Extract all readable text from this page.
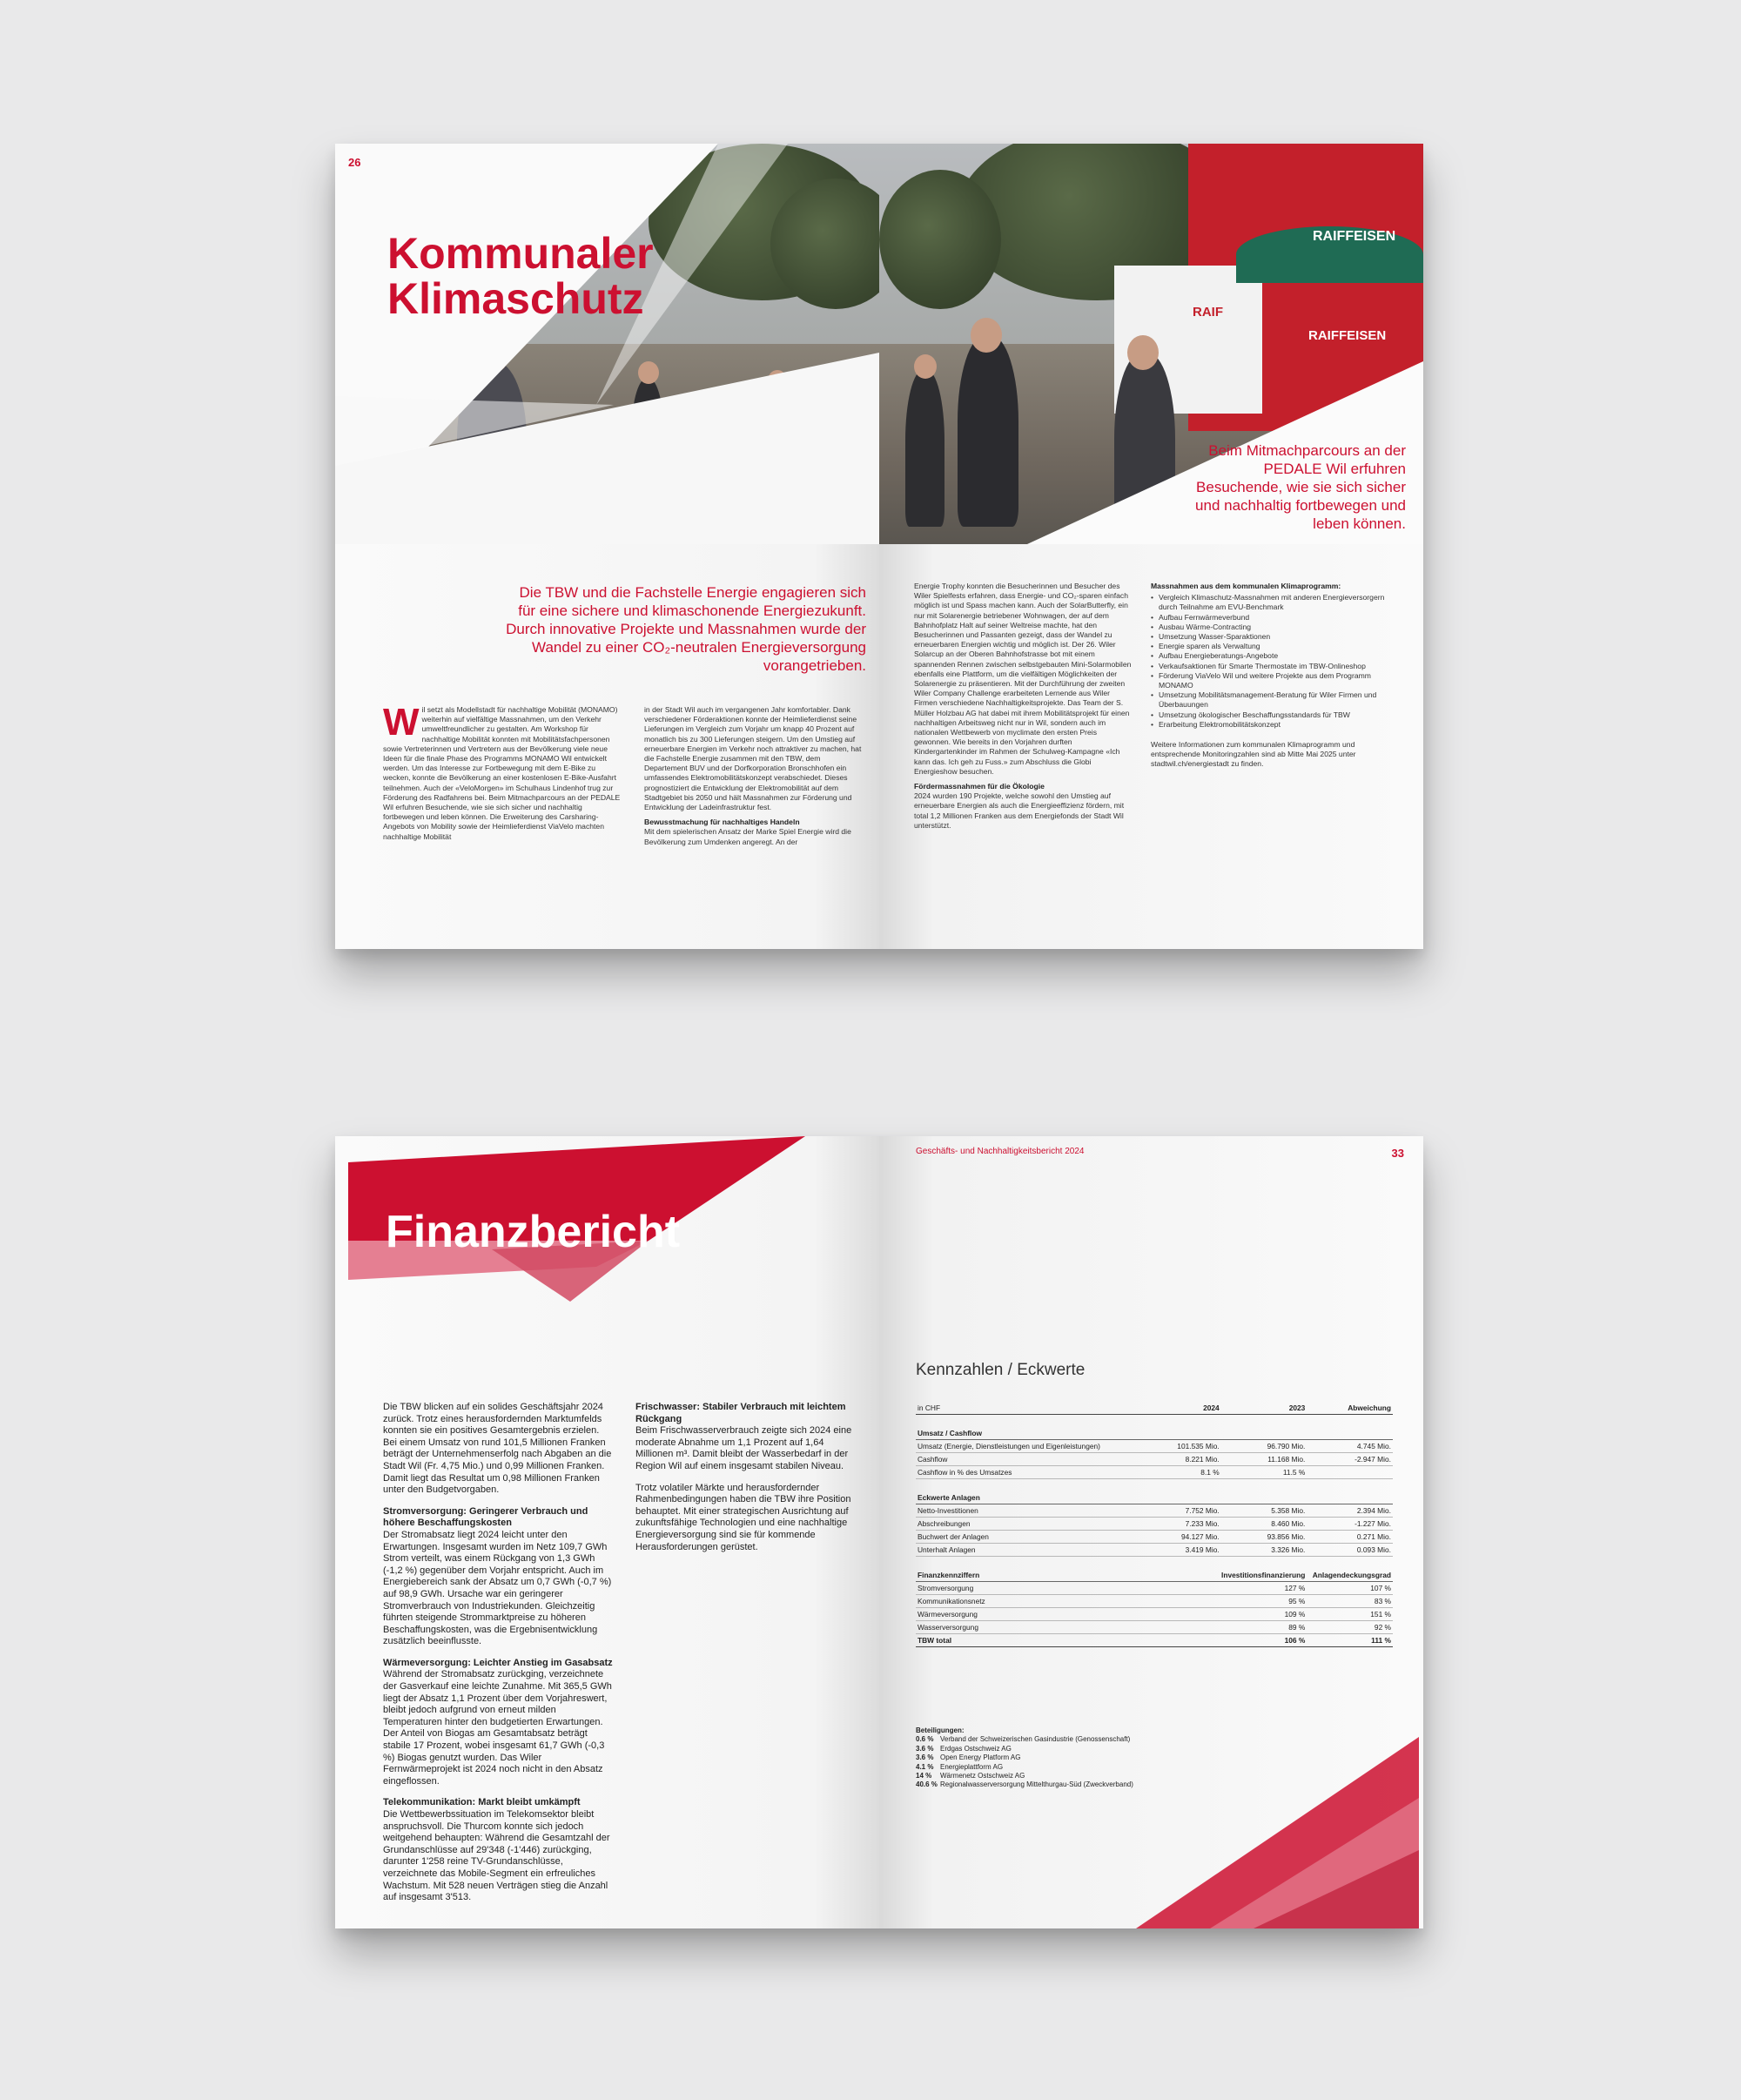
26
Kommunaler
Klimaschutz
Die TBW und die Fachstelle Energie engagieren sich für eine sichere und klimaschonende Energiezukunft. Durch innovative Projekte und Massnahmen wurde der Wandel zu einer CO₂-neutralen Energieversorgung vorangetrieben.

Wil setzt als Modellstadt für nachhaltige Mobilität (MONAMO) weiterhin auf vielfältige Massnahmen, um den Verkehr umweltfreundlicher zu gestalten. Am Workshop für nachhaltige Mobilität konnten mit Mobilitätsfachpersonen sowie Vertreterinnen und Vertretern aus der Bevölkerung viele neue Ideen für die finale Phase des Programms MONAMO Wil entwickelt werden. Um das Interesse zur Fortbewegung mit dem E-Bike zu wecken, konnte die Bevölkerung an einer kostenlosen E-Bike-Ausfahrt teilnehmen. Auch der «VeloMorgen» im Schulhaus Lindenhof trug zur Förderung des Radfahrens bei. Beim Mitmachparcours an der PEDALE Wil erfuhren Besuchende, wie sie sich sicher und nachhaltig fortbewegen und leben können. Die Erweiterung des Carsharing-Angebots von Mobility sowie der Heimlieferdienst ViaVelo machten nachhaltige Mobilität

in der Stadt Wil auch im vergangenen Jahr komfortabler. Dank verschiedener Förderaktionen konnte der Heimlieferdienst seine Lieferungen im Vergleich zum Vorjahr um knapp 40 Prozent auf monatlich bis zu 300 Lieferungen steigern. Um den Umstieg auf erneuerbare Energien im Verkehr noch attraktiver zu machen, hat die Fachstelle Energie zusammen mit den TBW, dem Departement BUV und der Dorfkorporation Bronschhofen ein umfassendes Elektromobilitätskonzept verabschiedet. Dieses prognostiziert die Entwicklung der Elektromobilität auf dem Stadtgebiet bis 2050 und hält Massnahmen zur Förderung und Entwicklung der Ladeinfrastruktur fest.

Bewusstmachung für nachhaltiges Handeln

Mit dem spielerischen Ansatz der Marke Spiel Energie wird die Bevölkerung zum Umdenken angeregt. An der

RAIFFEISEN
RAIFFEISEN
RAIF
Beim Mitmachparcours an der PEDALE Wil erfuhren Besuchende, wie sie sich sicher und nachhaltig fortbewegen und leben können.

Energie Trophy konnten die Besucherinnen und Besucher des Wiler Spielfests erfahren, dass Energie- und CO₂-sparen einfach möglich ist und Spass machen kann. Auch der SolarButterfly, ein nur mit Solarenergie betriebener Wohnwagen, der auf dem Bahnhofplatz Halt auf seiner Weltreise machte, hat den Besucherinnen und Passanten gezeigt, dass der Wandel zu erneuerbaren Energien wichtig und möglich ist. Der 26. Wiler Solarcup an der Oberen Bahnhofstrasse bot mit einem spannenden Rennen zwischen selbstgebauten Mini-Solarmobilen ebenfalls eine Plattform, um die vielfältigen Möglichkeiten der Solarenergie zu präsentieren. Mit der Durchführung der zweiten Wiler Company Challenge erarbeiteten Lernende aus Wiler Firmen verschiedene Nachhaltigkeitsprojekte. Das Team der S. Müller Holzbau AG hat dabei mit ihrem Mobilitätsprojekt für einen nachhaltigen Arbeitsweg nicht nur in Wil, sondern auch im nationalen Wettbewerb von myclimate den ersten Preis gewonnen. Wie bereits in den Vorjahren durften Kindergartenkinder im Rahmen der Schulweg-Kampagne «Ich kann das. Ich geh zu Fuss.» zum Abschluss die Globi Energieshow besuchen.

Fördermassnahmen für die Ökologie

2024 wurden 190 Projekte, welche sowohl den Umstieg auf erneuerbare Energien als auch die Energieeffizienz fördern, mit total 1,2 Millionen Franken aus dem Energiefonds der Stadt Wil unterstützt.

Massnahmen aus dem kommunalen Klimaprogramm:

• Vergleich Klimaschutz-Massnahmen mit anderen Energieversorgern durch Teilnahme am EVU-Benchmark
• Aufbau Fernwärmeverbund
• Ausbau Wärme-Contracting
• Umsetzung Wasser-Sparaktionen
• Energie sparen als Verwaltung
• Aufbau Energieberatungs-Angebote
• Verkaufsaktionen für Smarte Thermostate im TBW-Onlineshop
• Förderung ViaVelo Wil und weitere Projekte aus dem Programm MONAMO
• Umsetzung Mobilitätsmanagement-Beratung für Wiler Firmen und Überbauungen
• Umsetzung ökologischer Beschaffungsstandards für TBW
• Erarbeitung Elektromobilitätskonzept

Weitere Informationen zum kommunalen Klimaprogramm und entsprechende Monitoringzahlen sind ab Mitte Mai 2025 unter stadtwil.ch/energiestadt zu finden.

Finanzbericht

Die TBW blicken auf ein solides Geschäftsjahr 2024 zurück. Trotz eines herausfordernden Marktumfelds konnten sie ein positives Gesamtergebnis erzielen. Bei einem Umsatz von rund 101,5 Millionen Franken beträgt der Unternehmenserfolg nach Abgaben an die Stadt Wil (Fr. 4,75 Mio.) und 0,99 Millionen Franken. Damit liegt das Resultat um 0,98 Millionen Franken unter den Budgetvorgaben.

Stromversorgung: Geringerer Verbrauch und höhere Beschaffungskosten
Der Stromabsatz liegt 2024 leicht unter den Erwartungen. Insgesamt wurden im Netz 109,7 GWh Strom verteilt, was einem Rückgang von 1,3 GWh (-1,2 %) gegenüber dem Vorjahr entspricht. Auch im Energiebereich sank der Absatz um 0,7 GWh (-0,7 %) auf 98,9 GWh. Ursache war ein geringerer Stromverbrauch von Industriekunden. Gleichzeitig führten steigende Strommarktpreise zu höheren Beschaffungskosten, was die Ergebnisentwicklung zusätzlich beeinflusste.

Wärmeversorgung: Leichter Anstieg im Gasabsatz
Während der Stromabsatz zurückging, verzeichnete der Gasverkauf eine leichte Zunahme. Mit 365,5 GWh liegt der Absatz 1,1 Prozent über dem Vorjahreswert, bleibt jedoch aufgrund von erneut milden Temperaturen hinter den budgetierten Erwartungen. Der Anteil von Biogas am Gesamtabsatz beträgt stabile 17 Prozent, wobei insgesamt 61,7 GWh (-0,3 %) Biogas genutzt wurden. Das Wiler Fernwärmeprojekt ist 2024 noch nicht in den Absatz eingeflossen.

Telekommunikation: Markt bleibt umkämpft
Die Wettbewerbssituation im Telekomsektor bleibt anspruchsvoll. Die Thurcom konnte sich jedoch weitgehend behaupten: Während die Gesamtzahl der Grundanschlüsse auf 29'348 (-1'446) zurückging, darunter 1'258 reine TV-Grundanschlüsse, verzeichnete das Mobile-Segment ein erfreuliches Wachstum. Mit 528 neuen Verträgen stieg die Anzahl auf insgesamt 3'513.

Frischwasser: Stabiler Verbrauch mit leichtem Rückgang
Beim Frischwasserverbrauch zeigte sich 2024 eine moderate Abnahme um 1,1 Prozent auf 1,64 Millionen m³. Damit bleibt der Wasserbedarf in der Region Wil auf einem insgesamt stabilen Niveau.

Trotz volatiler Märkte und herausfordernder Rahmenbedingungen haben die TBW ihre Position behauptet. Mit einer strategischen Ausrichtung auf zukunftsfähige Technologien und eine nachhaltige Energieversorgung sind sie für kommende Herausforderungen gerüstet.

Geschäfts- und Nachhaltigkeitsbericht 2024	33
Kennzahlen / Eckwerte
in CHF	2024	2023	Abweichung
Umsatz / Cashflow			
Umsatz (Energie, Dienstleistungen und Eigenleistungen)	101.535 Mio.	96.790 Mio.	4.745 Mio.
Cashflow	8.221 Mio.	11.168 Mio.	-2.947 Mio.
Cashflow in % des Umsatzes	8.1 %	11.5 %	
Eckwerte Anlagen			
Netto-Investitionen	7.752 Mio.	5.358 Mio.	2.394 Mio.
Abschreibungen	7.233 Mio.	8.460 Mio.	-1.227 Mio.
Buchwert der Anlagen	94.127 Mio.	93.856 Mio.	0.271 Mio.
Unterhalt Anlagen	3.419 Mio.	3.326 Mio.	0.093 Mio.
Finanzkennziffern	Investitionsfinanzierung		Anlagendeckungsgrad
Stromversorgung	127 %		107 %
Kommunikationsnetz	95 %		83 %
Wärmeversorgung	109 %		151 %
Wasserversorgung	89 %		92 %
TBW total	106 %		111 %
Beteiligungen:
0.6 % Verband der Schweizerischen Gasindustrie (Genossenschaft)
3.6 % Erdgas Ostschweiz AG
3.6 % Open Energy Platform AG
4.1 % Energieplattform AG
14 % Wärmenetz Ostschweiz AG
40.6 % Regionalwasserversorgung Mittelthurgau-Süd (Zweckverband)
